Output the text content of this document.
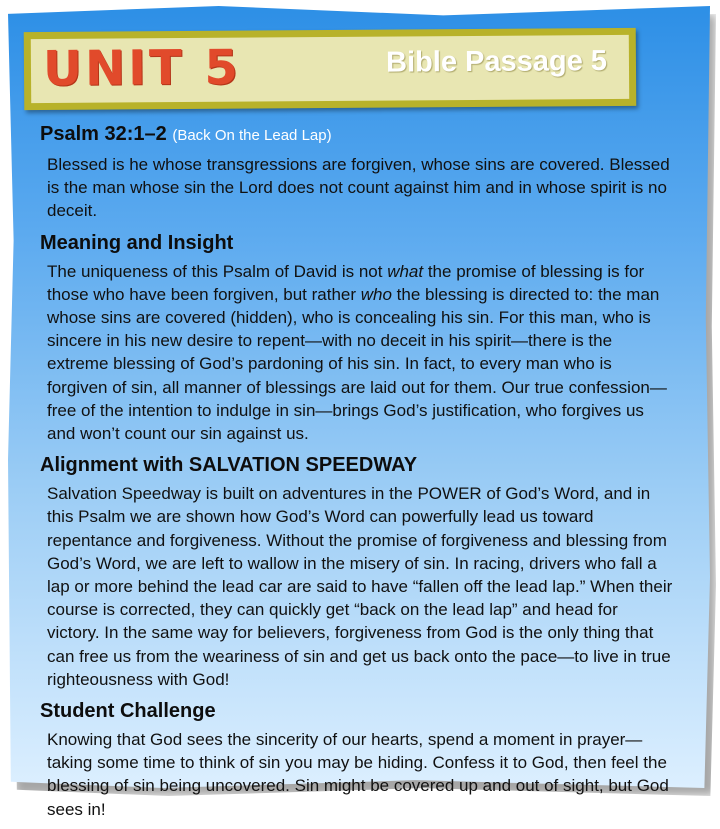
UNIT 5	Bible Passage 5
Psalm 32:1–2 (Back On the Lead Lap)

Blessed is he whose transgressions are forgiven, whose sins are covered. Blessed is the man whose sin the Lord does not count against him and in whose spirit is no deceit.

Meaning and Insight

The uniqueness of this Psalm of David is not what the promise of blessing is for those who have been forgiven, but rather who the blessing is directed to: the man whose sins are covered (hidden), who is concealing his sin. For this man, who is sincere in his new desire to repent—with no deceit in his spirit—there is the extreme blessing of God’s pardoning of his sin. In fact, to every man who is forgiven of sin, all manner of blessings are laid out for them. Our true confession—free of the intention to indulge in sin—brings God’s justification, who forgives us and won’t count our sin against us.

Alignment with SALVATION SPEEDWAY

Salvation Speedway is built on adventures in the POWER of God’s Word, and in this Psalm we are shown how God’s Word can powerfully lead us toward repentance and forgiveness. Without the promise of forgiveness and blessing from God’s Word, we are left to wallow in the misery of sin. In racing, drivers who fall a lap or more behind the lead car are said to have “fallen off the lead lap.” When their course is corrected, they can quickly get “back on the lead lap” and head for victory. In the same way for believers, forgiveness from God is the only thing that can free us from the weariness of sin and get us back onto the pace—to live in true righteousness with God!

Student Challenge

Knowing that God sees the sincerity of our hearts, spend a moment in prayer—taking some time to think of sin you may be hiding. Confess it to God, then feel the blessing of sin being uncovered. Sin might be covered up and out of sight, but God sees in!
